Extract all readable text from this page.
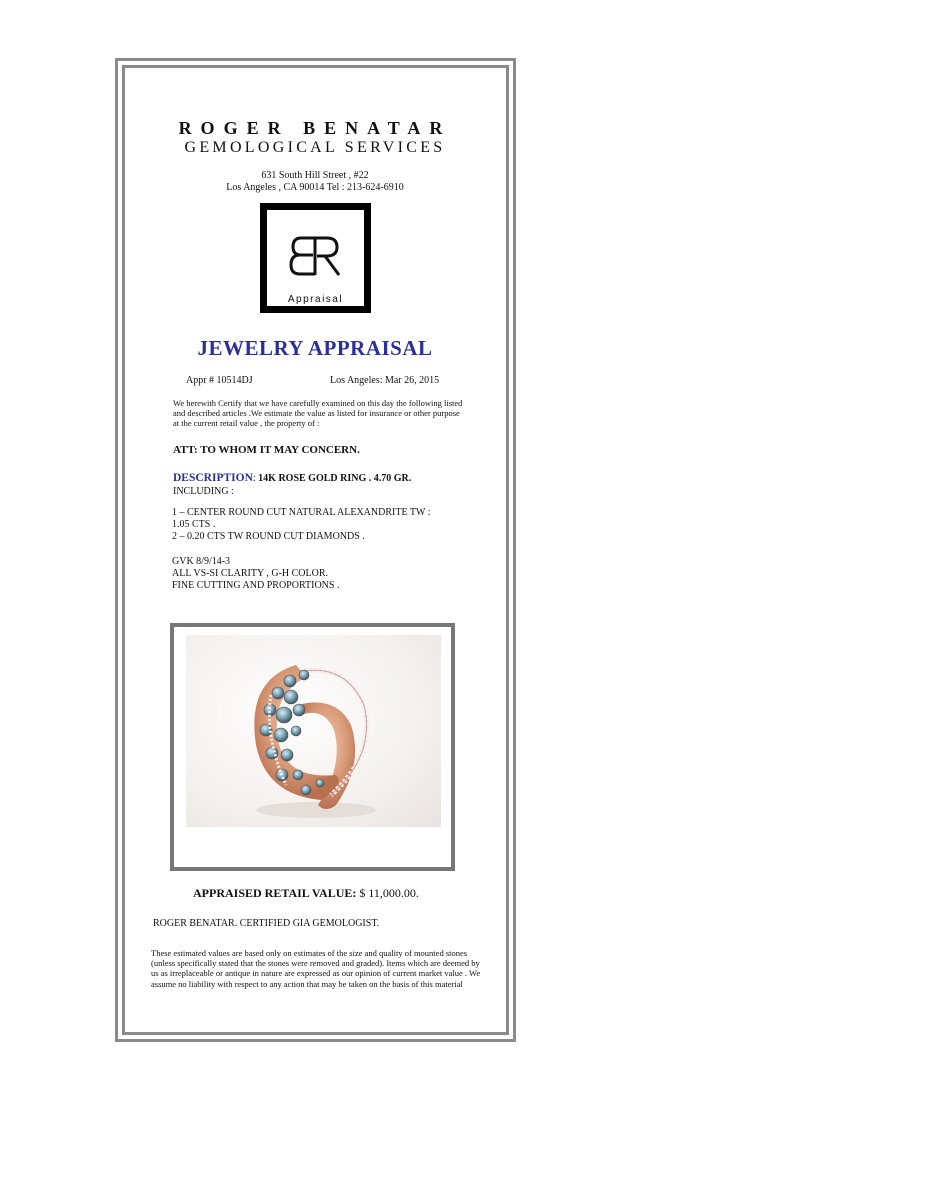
ROGER BENATAR
GEMOLOGICAL SERVICES
631 South Hill Street , #22
Los Angeles , CA 90014 Tel : 213-624-6910
Appraisal
JEWELRY APPRAISAL
Appr # 10514DJ	Los Angeles: Mar 26, 2015
We herewith Certify that we have carefully examined on this day the following listed and described articles .We estimate the value as listed for insurance or other purpose at the current retail value , the property of :
ATT: TO WHOM IT MAY CONCERN.
DESCRIPTION: 14K ROSE GOLD RING . 4.70 GR.
INCLUDING :
1 – CENTER ROUND CUT NATURAL ALEXANDRITE TW :
1.05 CTS .
2 – 0.20 CTS TW ROUND CUT DIAMONDS .
GVK 8/9/14-3
ALL VS-SI CLARITY , G-H COLOR.
FINE CUTTING AND PROPORTIONS .
APPRAISED RETAIL VALUE: $ 11,000.00.
ROGER BENATAR. CERTIFIED GIA GEMOLOGIST.
These estimated values are based only on estimates of the size and quality of mounted stones (unless specifically stated that the stones were removed and graded). Items which are deemed by us as irreplaceable or antique in nature are expressed as our opinion of current market value . We assume no liability with respect to any action that may be taken on the basis of this material
